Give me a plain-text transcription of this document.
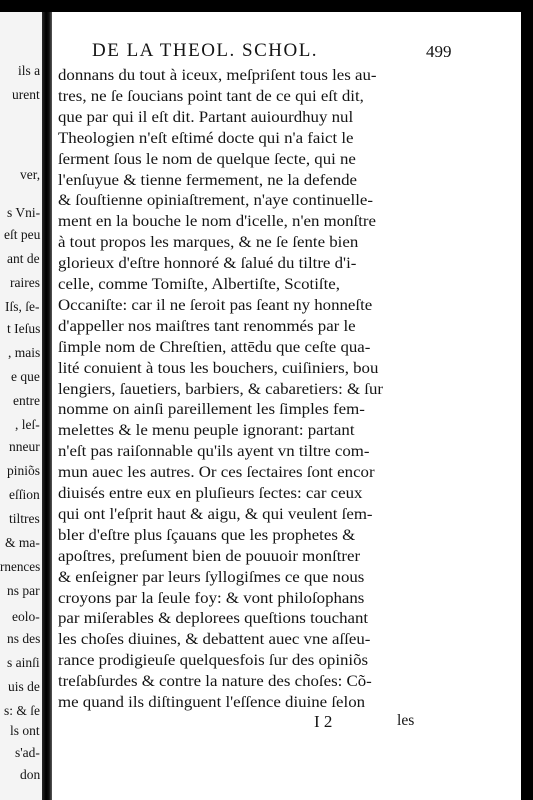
ils a
urent
ver,
s Vni-
eſt peu
ant de
raires
Iſs, ſe-
t Ieſus
, mais
e que
entre
, leſ-
nneur
piniõs
eſſion
tiltres
& ma-
rnences
ns par
eolo-
ns des
s ainſi
uis de
s: & ſe
ls ont
s'ad-
don
DE LA THEOL. SCHOL.	499
donnans du tout à iceux, meſpriſent tous les au-
tres, ne ſe ſoucians point tant de ce qui eſt dit,
que par qui il eſt dit. Partant auiourdhuy nul
Theologien n'eſt eſtimé docte qui n'a faict le
ſerment ſous le nom de quelque ſecte, qui ne
l'enſuyue & tienne fermement, ne la defende
& ſouſtienne opiniaſtrement, n'aye continuelle-
ment en la bouche le nom d'icelle, n'en monſtre
à tout propos les marques, & ne ſe ſente bien
glorieux d'eſtre honnoré & ſalué du tiltre d'i-
celle, comme Tomiſte, Albertiſte, Scotiſte,
Occaniſte: car il ne ſeroit pas ſeant ny honneſte
d'appeller nos maiſtres tant renommés par le
ſimple nom de Chreſtien, attēdu que ceſte qua-
lité conuient à tous les bouchers, cuiſiniers, bou
lengiers, ſauetiers, barbiers, & cabaretiers: & ſur
nomme on ainſi pareillement les ſimples fem-
melettes & le menu peuple ignorant: partant
n'eſt pas raiſonnable qu'ils ayent vn tiltre com-
mun auec les autres. Or ces ſectaires ſont encor
diuisés entre eux en pluſieurs ſectes: car ceux
qui ont l'eſprit haut & aigu, & qui veulent ſem-
bler d'eſtre plus ſçauans que les prophetes &
apoſtres, preſument bien de pouuoir monſtrer
& enſeigner par leurs ſyllogiſmes ce que nous
croyons par la ſeule foy: & vont philoſophans
par miſerables & deplorees queſtions touchant
les choſes diuines, & debattent auec vne aſſeu-
rance prodigieuſe quelquesfois ſur des opiniõs
treſabſurdes & contre la nature des choſes: Cõ-
me quand ils diſtinguent l'eſſence diuine ſelon
I 2	les
